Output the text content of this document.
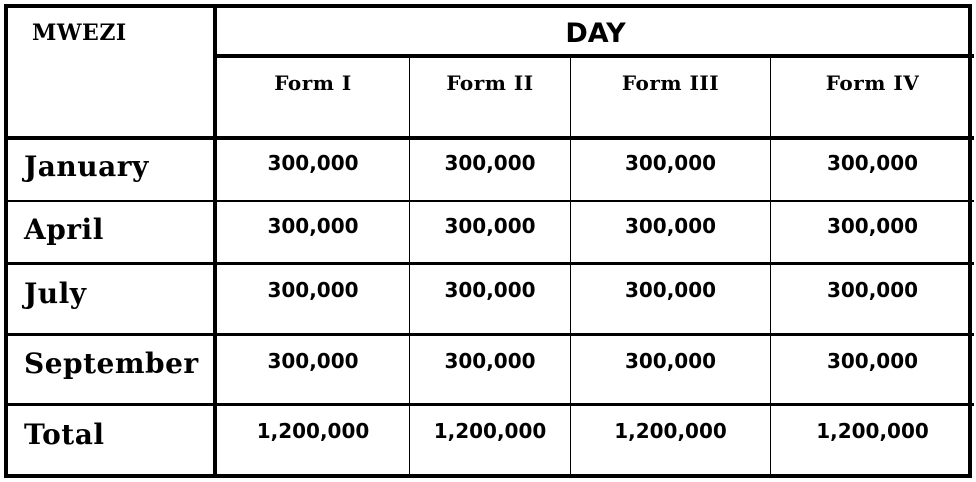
MWEZI	DAY
Form I	Form II	Form III	Form IV
January	300,000	300,000	300,000	300,000
April	300,000	300,000	300,000	300,000
July	300,000	300,000	300,000	300,000
September	300,000	300,000	300,000	300,000
Total	1,200,000	1,200,000	1,200,000	1,200,000
